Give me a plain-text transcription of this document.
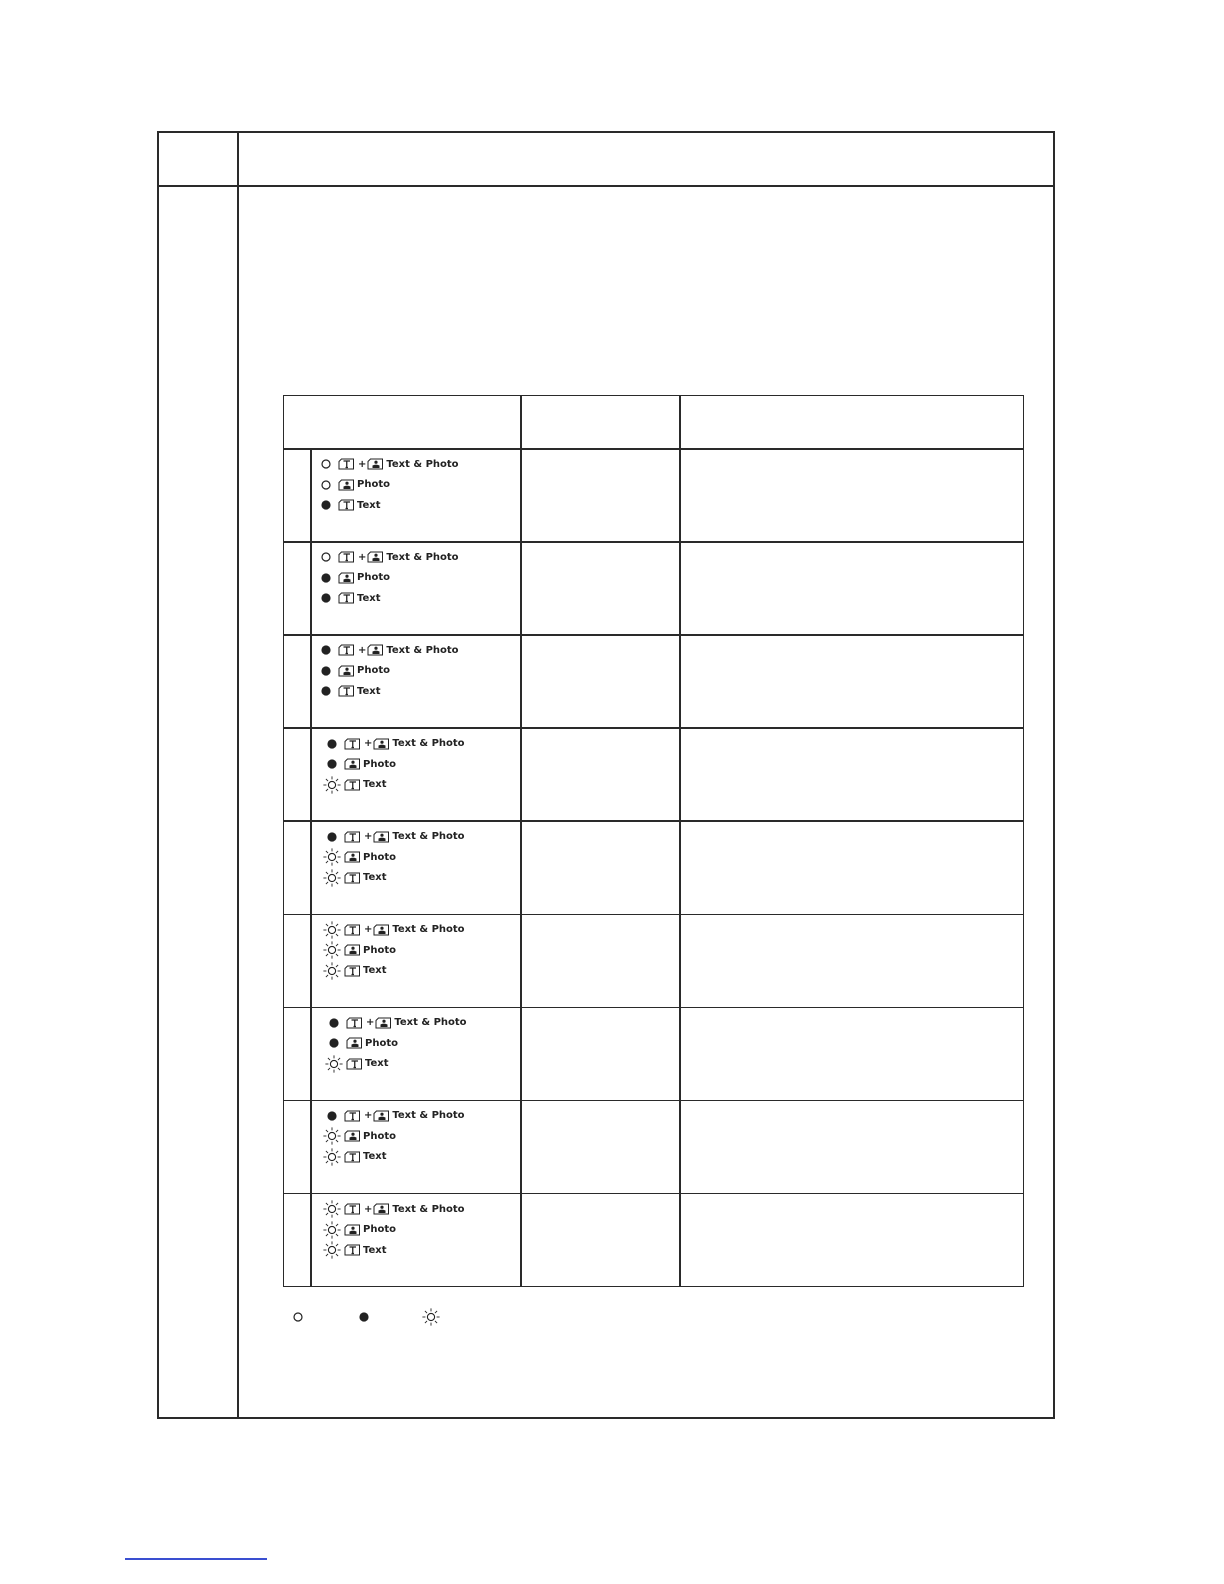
+ Text & Photo
Photo
Text
+ Text & Photo
Photo
Text
+ Text & Photo
Photo
Text
+ Text & Photo
Photo
Text
+ Text & Photo
Photo
Text
+ Text & Photo
Photo
Text
+ Text & Photo
Photo
Text
+ Text & Photo
Photo
Text
+ Text & Photo
Photo
Text
